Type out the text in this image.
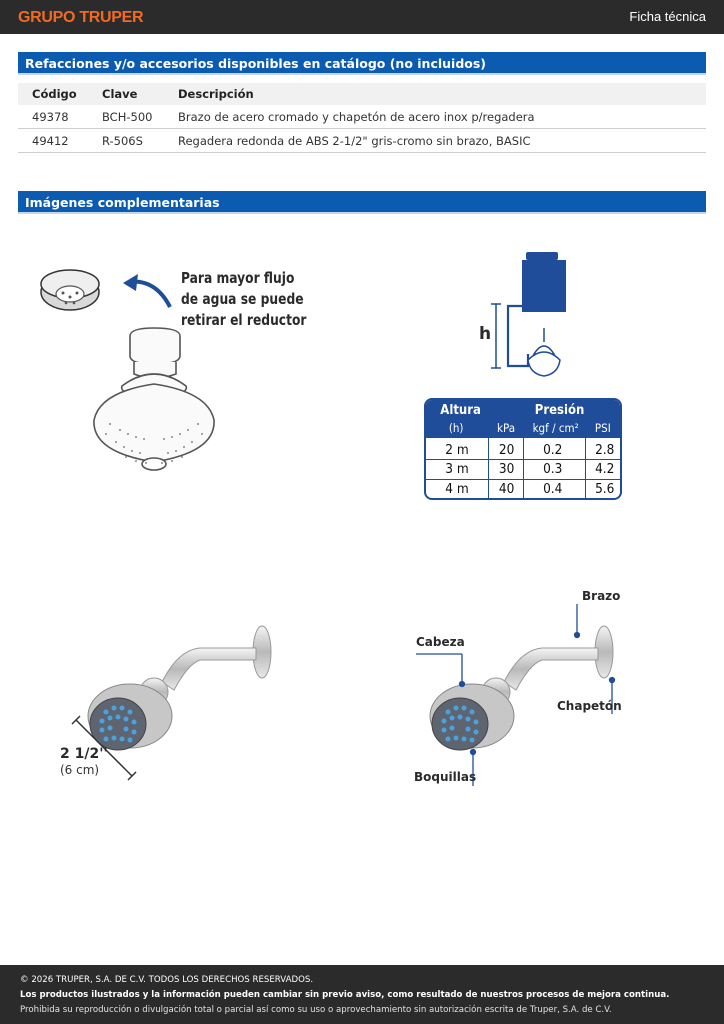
GRUPO TRUPER	Ficha técnica
Refacciones y/o accesorios disponibles en catálogo (no incluidos)
Código	Clave	Descripción
49378	BCH-500	Brazo de acero cromado y chapetón de acero inox p/regadera
49412	R-506S	Regadera redonda de ABS 2-1/2" gris-cromo sin brazo, BASIC
Imágenes complementarias
Para mayor flujo
de agua se puede
retirar el reductor
h
Altura	Presión
(h)	kPa kgf / cm² PSI
2 m 20 0.2 2.8
3 m 30 0.3 4.2
4 m 40 0.4 5.6
2 1/2''
(6 cm)
Brazo
Cabeza
Chapetón
Boquillas
© 2026 TRUPER, S.A. DE C.V. TODOS LOS DERECHOS RESERVADOS.
Los productos ilustrados y la información pueden cambiar sin previo aviso, como resultado de nuestros procesos de mejora continua.
Prohibida su reproducción o divulgación total o parcial así como su uso o aprovechamiento sin autorización escrita de Truper, S.A. de C.V.
